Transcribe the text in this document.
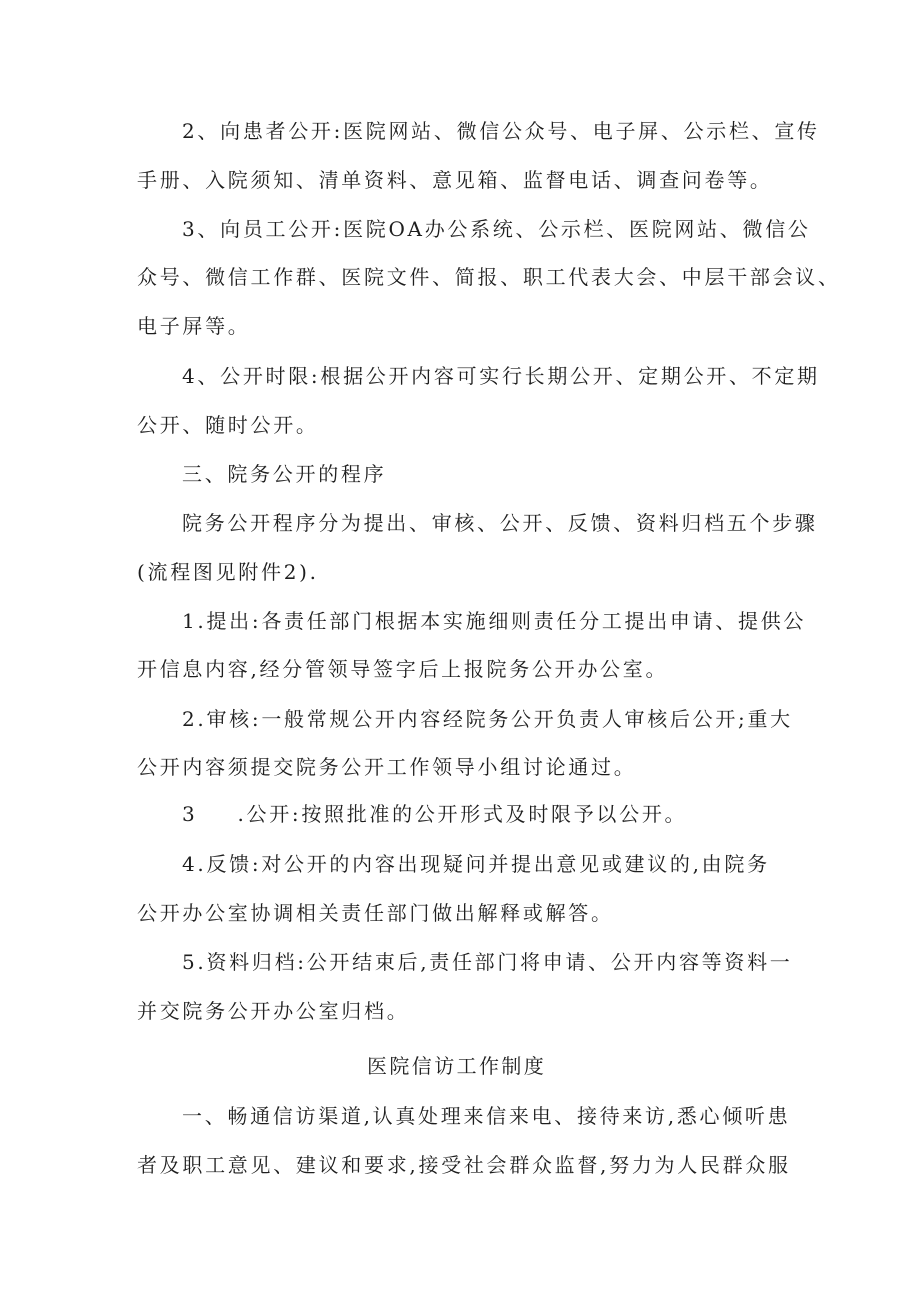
2、向患者公开:医院网站、微信公众号、电子屏、公示栏、宣传
手册、入院须知、清单资料、意见箱、监督电话、调查问卷等。
3、向员工公开:医院OA办公系统、公示栏、医院网站、微信公
众号、微信工作群、医院文件、简报、职工代表大会、中层干部会议、
电子屏等。
4、公开时限:根据公开内容可实行长期公开、定期公开、不定期
公开、随时公开。
三、院务公开的程序
院务公开程序分为提出、审核、公开、反馈、资料归档五个步骤
(流程图见附件2).
1.提出:各责任部门根据本实施细则责任分工提出申请、提供公
开信息内容,经分管领导签字后上报院务公开办公室。
2.审核:一般常规公开内容经院务公开负责人审核后公开;重大
公开内容须提交院务公开工作领导小组讨论通过。
3 .公开:按照批准的公开形式及时限予以公开。
4.反馈:对公开的内容出现疑问并提出意见或建议的,由院务
公开办公室协调相关责任部门做出解释或解答。
5.资料归档:公开结束后,责任部门将申请、公开内容等资料一
并交院务公开办公室归档。
医院信访工作制度
一、畅通信访渠道,认真处理来信来电、接待来访,悉心倾听患
者及职工意见、建议和要求,接受社会群众监督,努力为人民群众服
